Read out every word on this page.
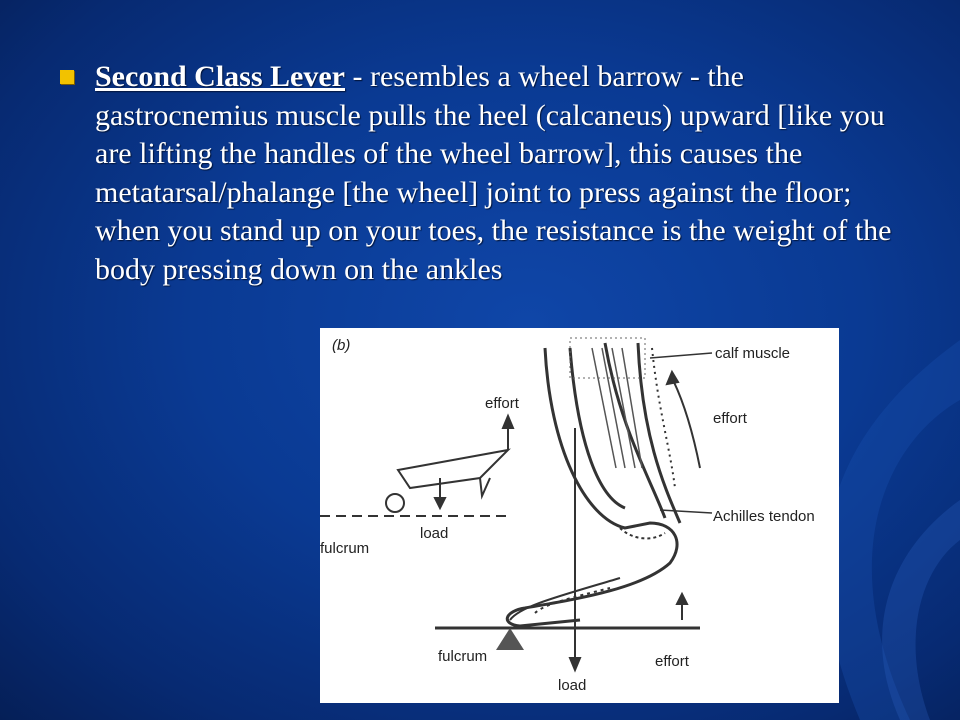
Second Class Lever - resembles a wheel barrow - the gastrocnemius muscle pulls the heel (calcaneus) upward [like you are lifting the handles of the wheel barrow], this causes the metatarsal/phalange [the wheel] joint to press against the floor; when you stand up on your toes, the resistance is the weight of the body pressing down on the ankles
(b)
effort
load
fulcrum
calf muscle
effort
Achilles tendon
fulcrum
load
effort
